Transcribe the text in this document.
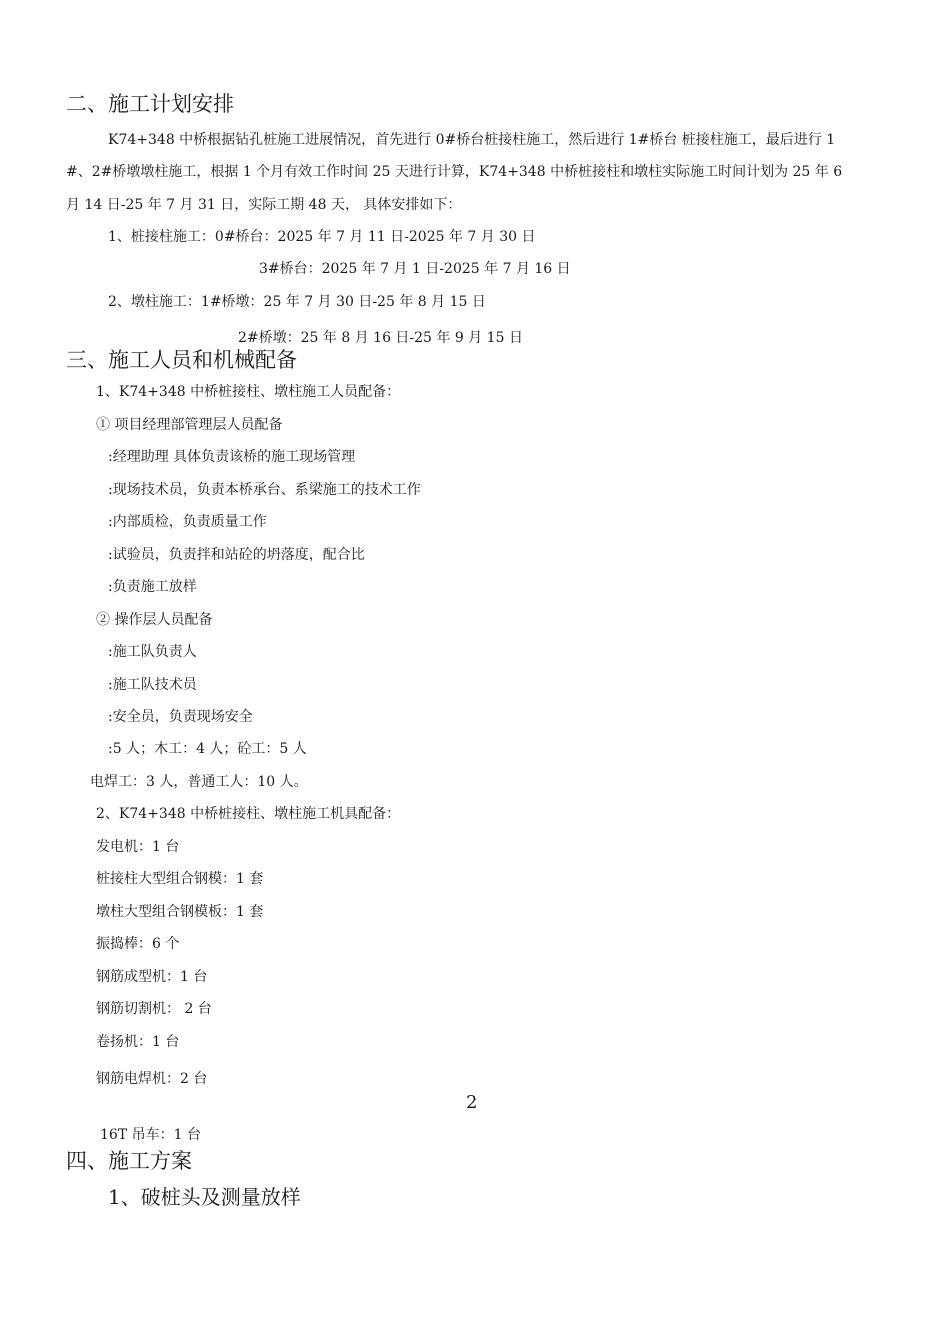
二、施工计划安排
K74+348 中桥根据钻孔桩施工进展情况，首先进行 0#桥台桩接柱施工，然后进行 1#桥台 桩接柱施工，最后进行 1
#、2#桥墩墩柱施工，根据 1 个月有效工作时间 25 天进行计算，K74+348 中桥桩接柱和墩柱实际施工时间计划为 25 年 6
月 14 日-25 年 7 月 31 日，实际工期 48 天， 具体安排如下：
1、桩接柱施工：0#桥台：2025 年 7 月 11 日-2025 年 7 月 30 日
3#桥台：2025 年 7 月 1 日-2025 年 7 月 16 日
2、墩柱施工：1#桥墩：25 年 7 月 30 日-25 年 8 月 15 日
2#桥墩：25 年 8 月 16 日-25 年 9 月 15 日
三、施工人员和机械配备
1、K74+348 中桥桩接柱、墩柱施工人员配备：
① 项目经理部管理层人员配备
:经理助理 具体负责该桥的施工现场管理
:现场技术员，负责本桥承台、系梁施工的技术工作
:内部质检，负责质量工作
:试验员，负责拌和站砼的坍落度，配合比
:负责施工放样
② 操作层人员配备
:施工队负责人
:施工队技术员
:安全员，负责现场安全
:5 人；木工：4 人；砼工：5 人
电焊工：3 人，普通工人：10 人。
2、K74+348 中桥桩接柱、墩柱施工机具配备：
发电机：1 台
桩接柱大型组合钢模：1 套
墩柱大型组合钢模板：1 套
振捣棒：6 个
钢筋成型机：1 台
钢筋切割机： 2 台
卷扬机：1 台
钢筋电焊机：2 台
2
16T 吊车：1 台
四、施工方案
1、破桩头及测量放样
